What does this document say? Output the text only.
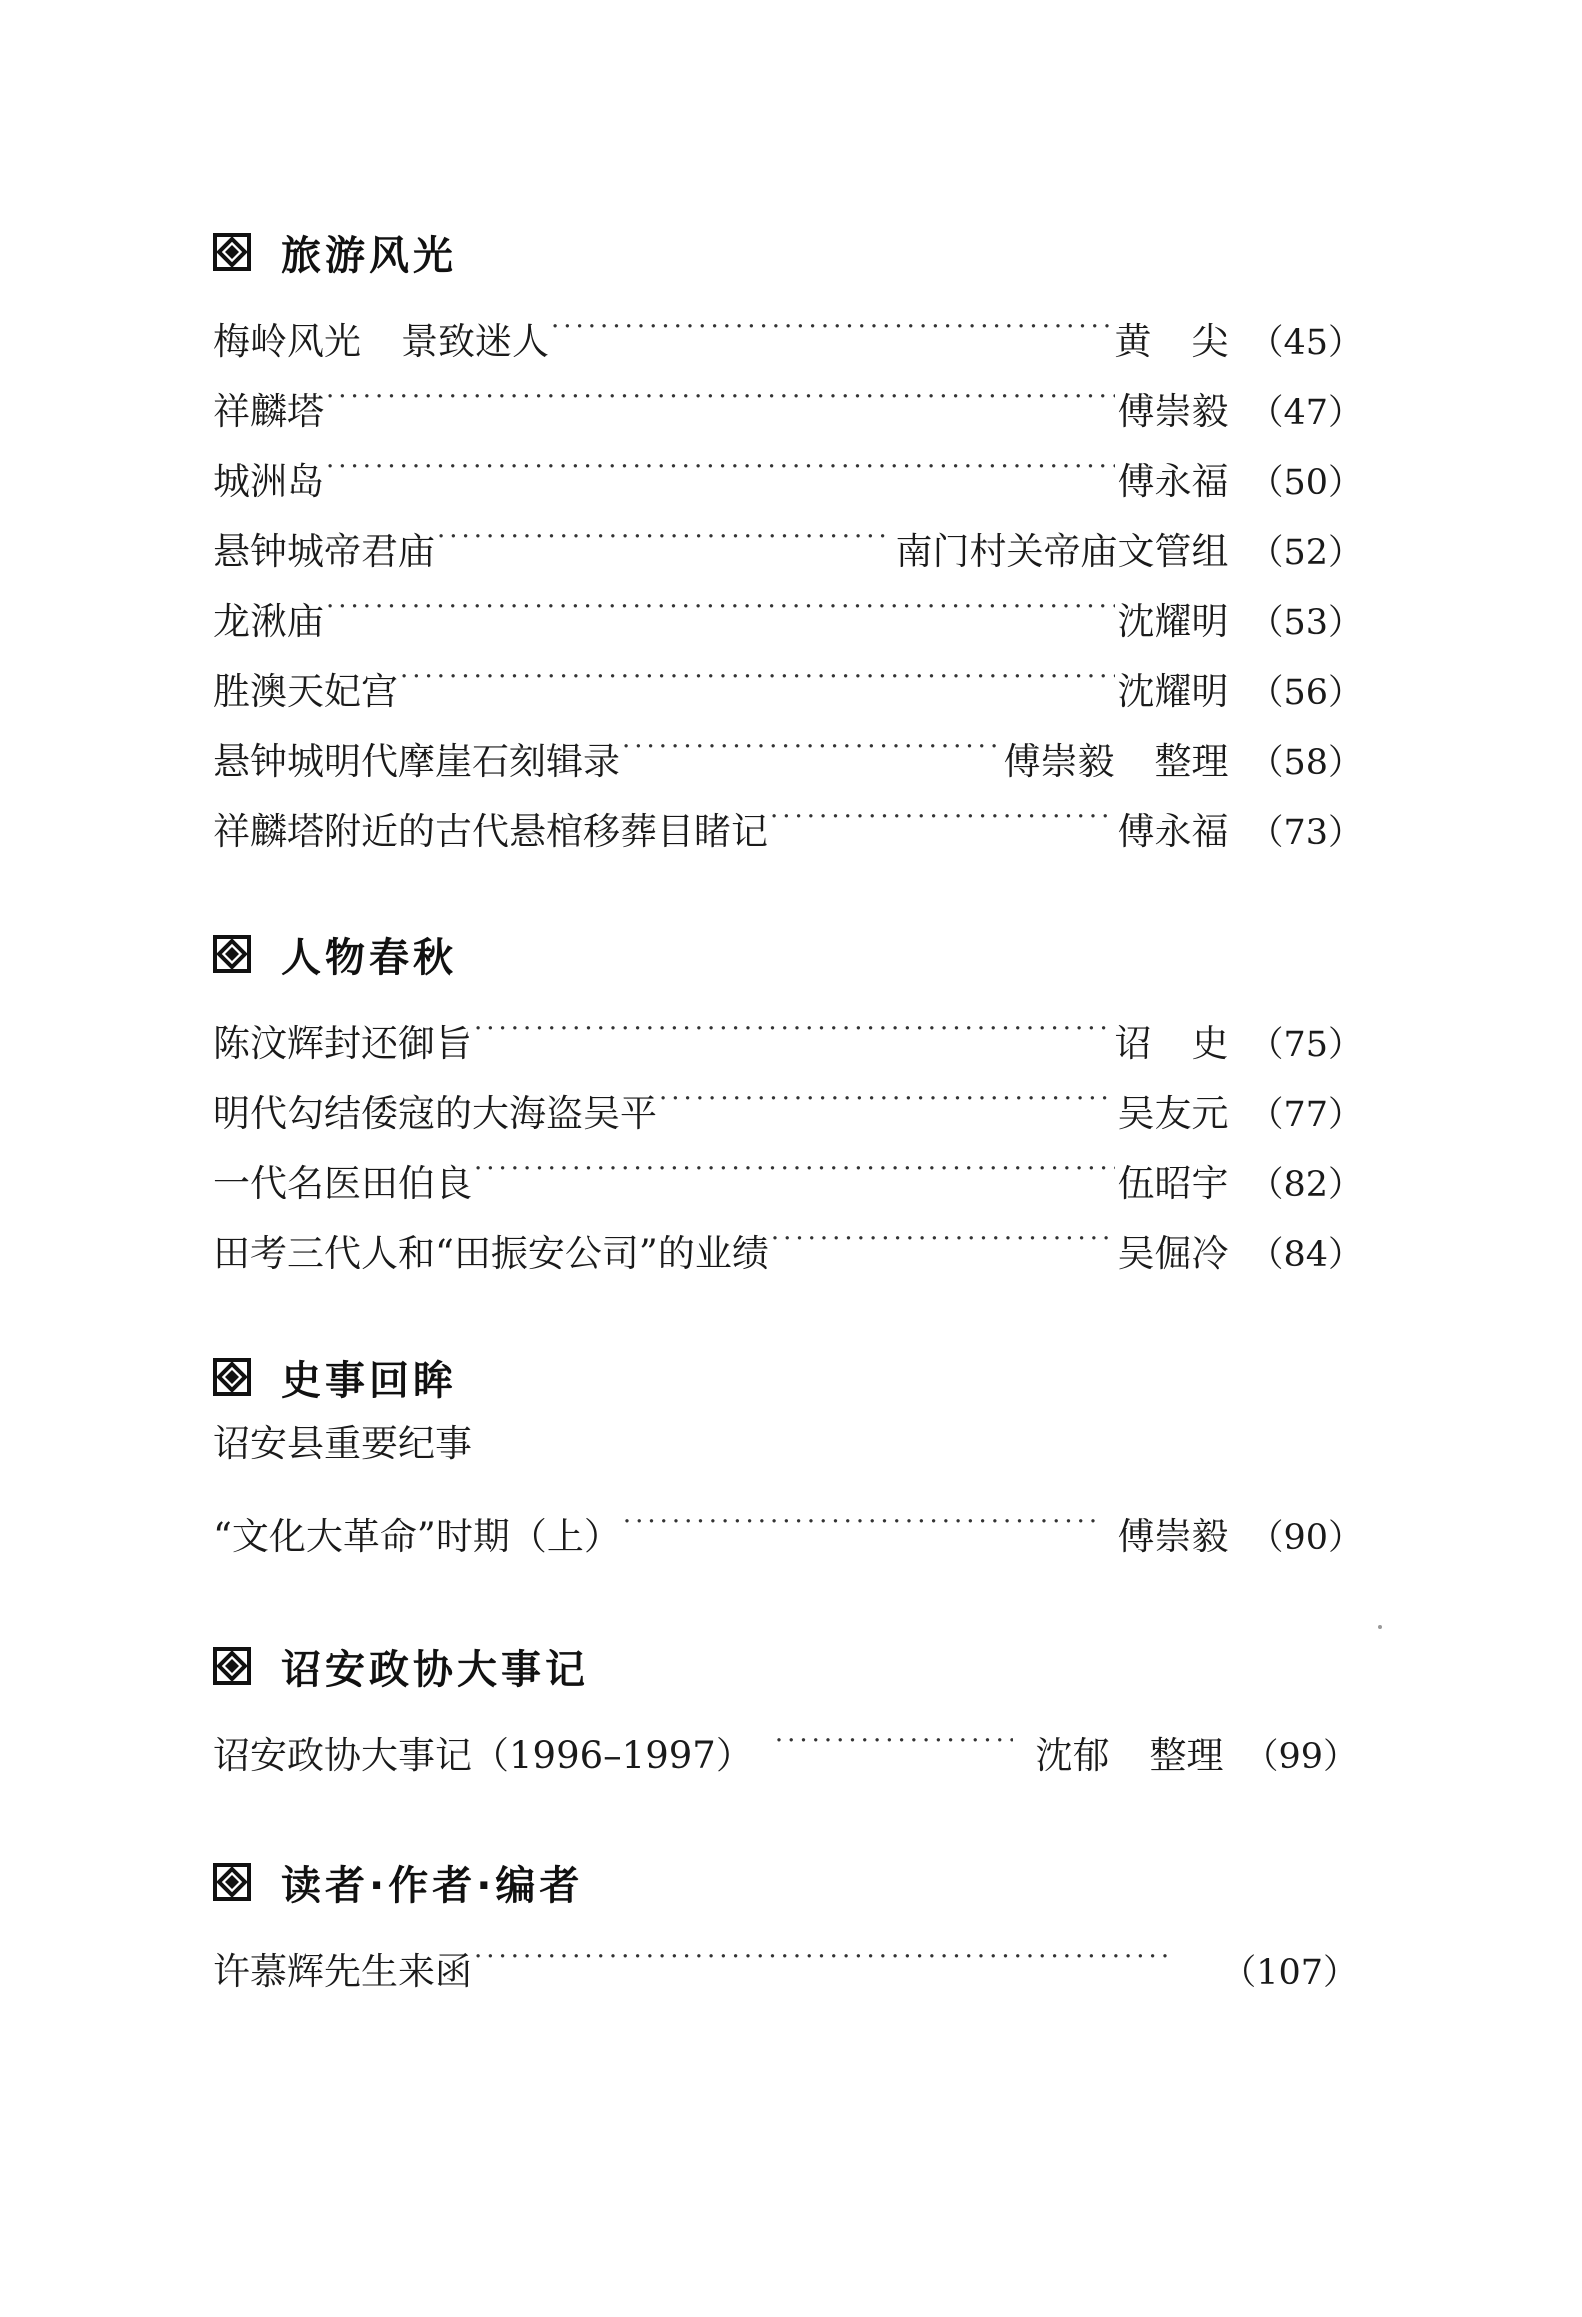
旅游风光
梅岭风光 景致迷人 ·····	黄 尖 （45）
祥麟塔 ·····	傅崇毅 （47）
城洲岛 ·····	傅永福 （50）
悬钟城帝君庙 ·····	南门村关帝庙文管组 （52）
龙湫庙 ·····	沈耀明 （53）
胜澳天妃宫 ·····	沈耀明 （56）
悬钟城明代摩崖石刻辑录 ·····	傅崇毅 整理 （58）
祥麟塔附近的古代悬棺移葬目睹记 ·····	傅永福 （73）
人物春秋
陈汶辉封还御旨 ·····	诏 史 （75）
明代勾结倭寇的大海盗吴平 ·····	吴友元 （77）
一代名医田伯良 ·····	伍昭宇 （82）
田考三代人和“田振安公司”的业绩 ·····	吴倔冷 （84）
史事回眸
诏安县重要纪事
“文化大革命”时期（上） ·····	傅崇毅 （90）
诏安政协大事记
诏安政协大事记（1996–1997） ·····	沈郁 整理 （99）
读者·作者·编者
许慕辉先生来函 ·····	（107）
